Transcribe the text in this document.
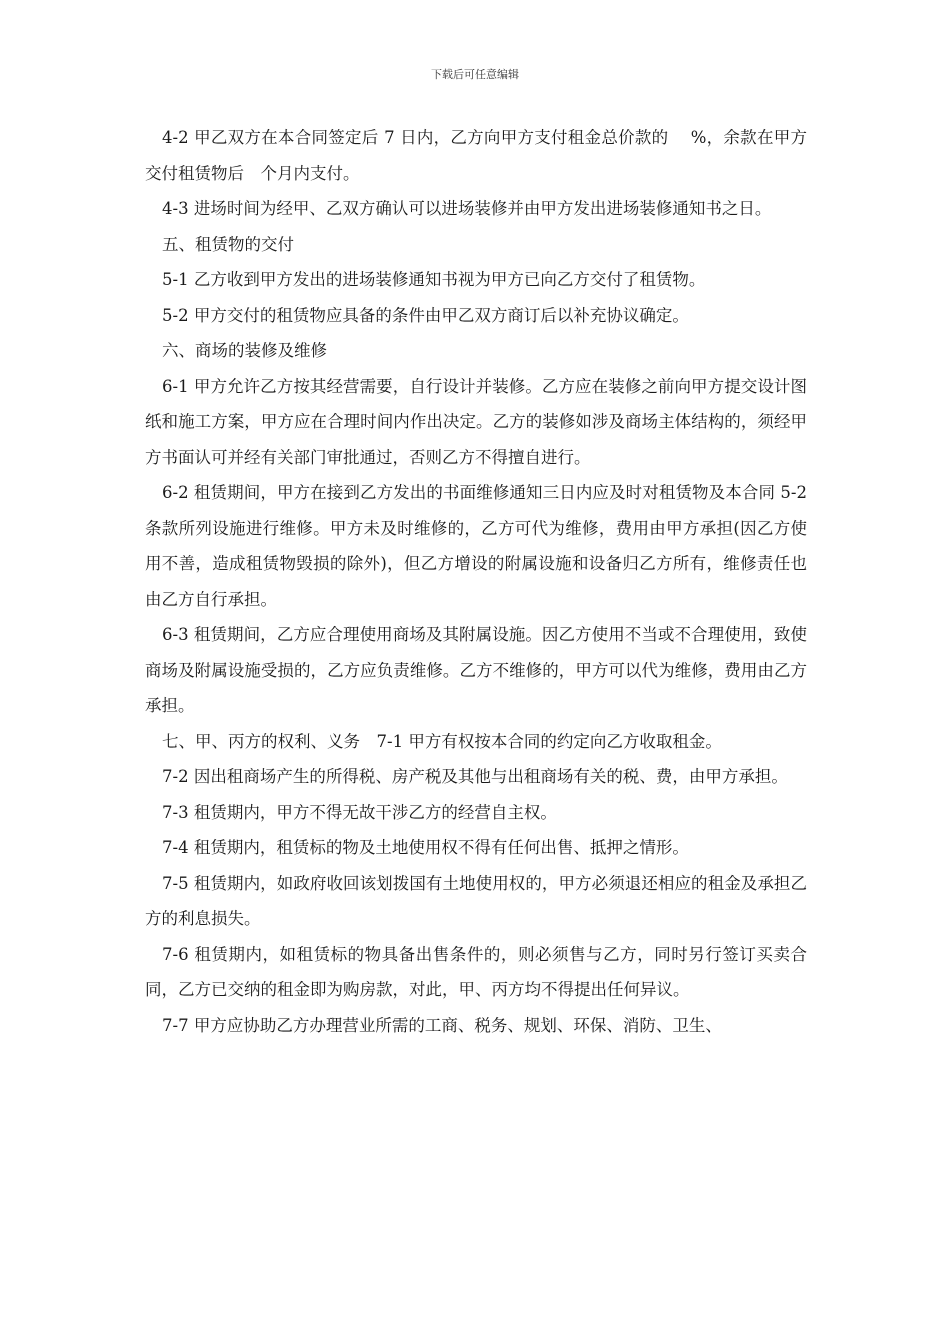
下载后可任意编辑

4-2 甲乙双方在本合同签定后 7 日内，乙方向甲方支付租金总价款的　 %，余款在甲方交付租赁物后　个月内支付。

4-3 进场时间为经甲、乙双方确认可以进场装修并由甲方发出进场装修通知书之日。

五、租赁物的交付

5-1 乙方收到甲方发出的进场装修通知书视为甲方已向乙方交付了租赁物。

5-2 甲方交付的租赁物应具备的条件由甲乙双方商订后以补充协议确定。

六、商场的装修及维修

6-1 甲方允许乙方按其经营需要，自行设计并装修。乙方应在装修之前向甲方提交设计图纸和施工方案，甲方应在合理时间内作出决定。乙方的装修如涉及商场主体结构的，须经甲方书面认可并经有关部门审批通过，否则乙方不得擅自进行。

6-2 租赁期间，甲方在接到乙方发出的书面维修通知三日内应及时对租赁物及本合同 5-2 条款所列设施进行维修。甲方未及时维修的，乙方可代为维修，费用由甲方承担(因乙方使用不善，造成租赁物毁损的除外)，但乙方增设的附属设施和设备归乙方所有，维修责任也由乙方自行承担。

6-3 租赁期间，乙方应合理使用商场及其附属设施。因乙方使用不当或不合理使用，致使商场及附属设施受损的，乙方应负责维修。乙方不维修的，甲方可以代为维修，费用由乙方承担。

七、甲、丙方的权利、义务　7-1 甲方有权按本合同的约定向乙方收取租金。

7-2 因出租商场产生的所得税、房产税及其他与出租商场有关的税、费，由甲方承担。

7-3 租赁期内，甲方不得无故干涉乙方的经营自主权。

7-4 租赁期内，租赁标的物及土地使用权不得有任何出售、抵押之情形。

7-5 租赁期内，如政府收回该划拨国有土地使用权的，甲方必须退还相应的租金及承担乙方的利息损失。

7-6 租赁期内，如租赁标的物具备出售条件的，则必须售与乙方，同时另行签订买卖合同，乙方已交纳的租金即为购房款，对此，甲、丙方均不得提出任何异议。

7-7 甲方应协助乙方办理营业所需的工商、税务、规划、环保、消防、卫生、
